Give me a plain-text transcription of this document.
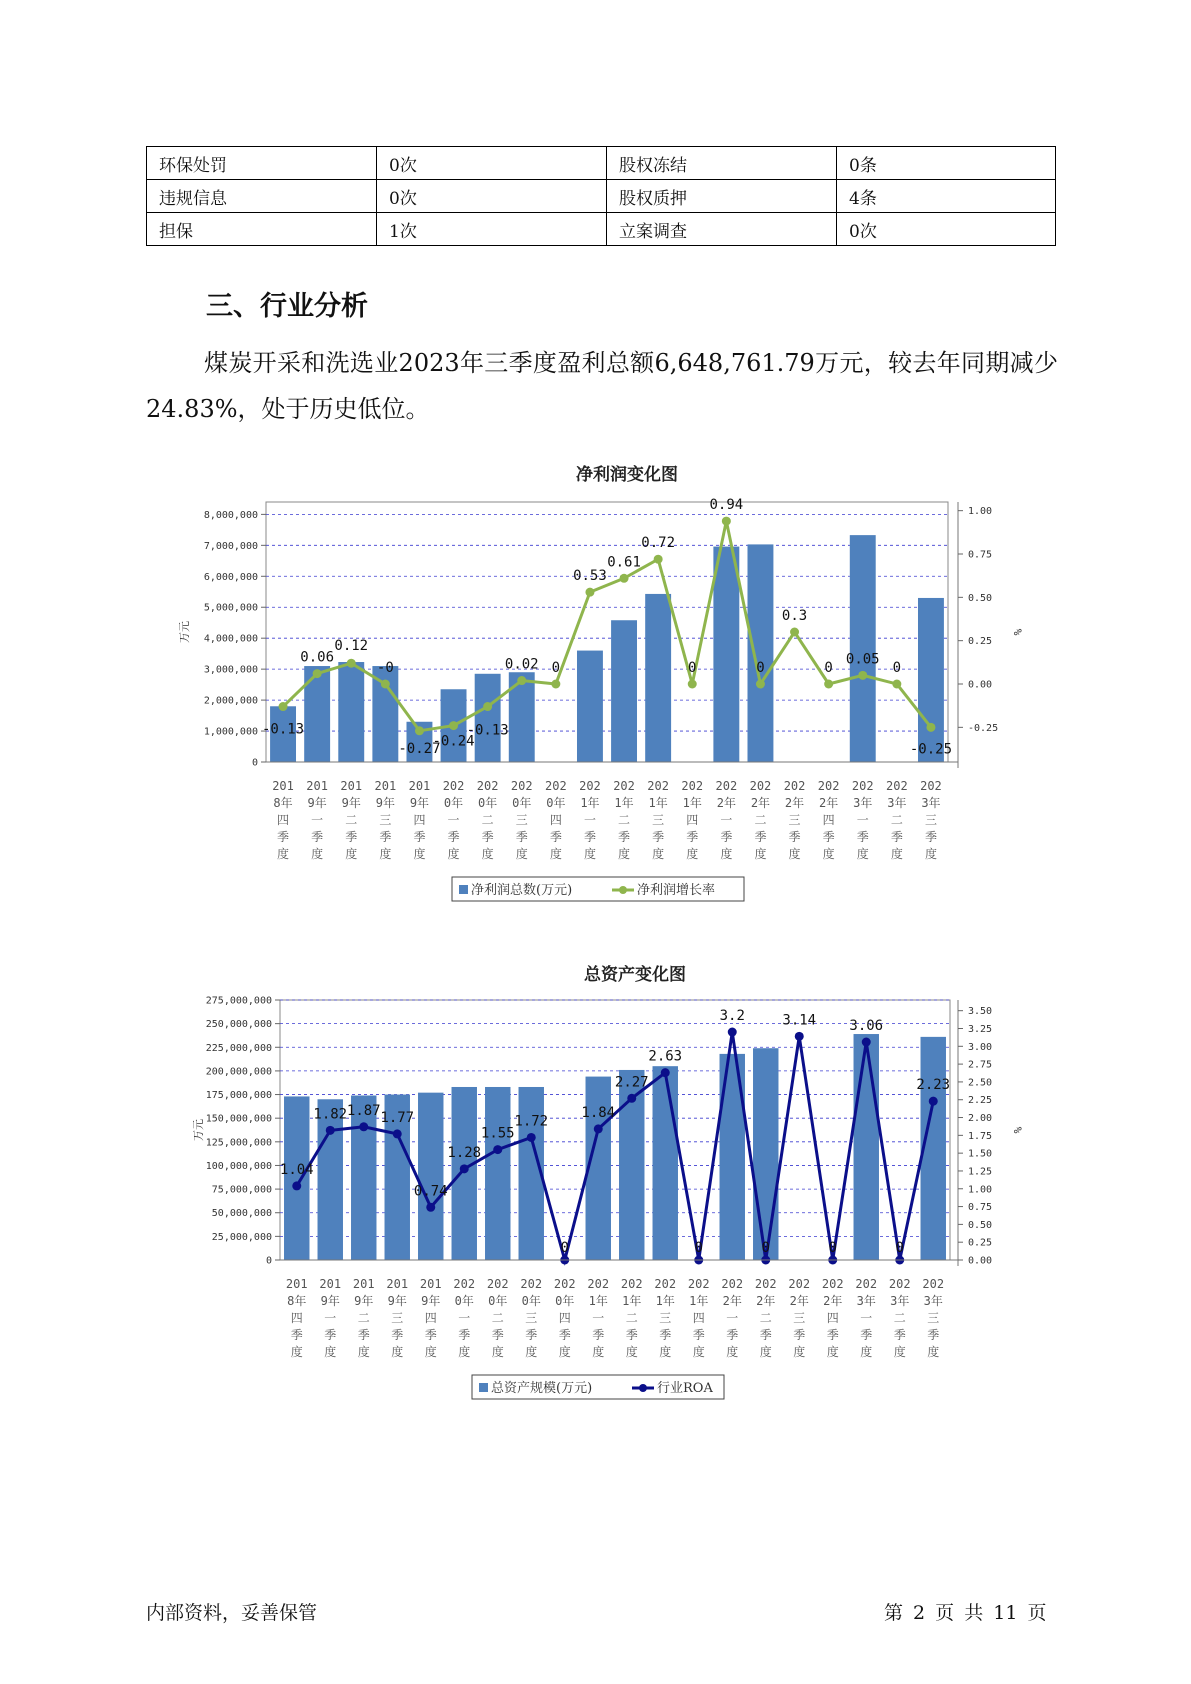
环保处罚	0次	股权冻结	0条
违规信息	0次	股权质押	4条
担保	1次	立案调查	0次
三、行业分析

煤炭开采和洗选业2023年三季度盈利总额6,648,761.79万元，较去年同期减少24.83%，处于历史低位。

净利润变化图
0
1,000,000
2,000,000
3,000,000
4,000,000
5,000,000
6,000,000
7,000,000
8,000,000
-0.25
0.00
0.25
0.50
0.75
1.00
万元	%
-0.13
0.06
0.12
-0
-0.27
-0.24
-0.13
0.02 0
0.53
0.61
0.72
0
0.94
0
0.3
0
0.05
0
-0.25
201
8年
四
季
度
201
9年
一
季
度
201
9年
二
季
度
201
9年
三
季
度
201
9年
四
季
度
202
0年
一
季
度
202
0年
二
季
度
202
0年
三
季
度
202
0年
四
季
度
202
1年
一
季
度
202
1年
二
季
度
202
1年
三
季
度
202
1年
四
季
度
202
2年
一
季
度
202
2年
二
季
度
202
2年
三
季
度
202
2年
四
季
度
202
3年
一
季
度
202
3年
二
季
度
202
3年
三
季
度
净利润总数(万元)	净利润增长率
总资产变化图
0
25,000,000
50,000,000
75,000,000
100,000,000
125,000,000
150,000,000
175,000,000
200,000,000
225,000,000
250,000,000
275,000,000
0.00
0.25
0.50
0.75
1.00
1.25
1.50
1.75
2.00
2.25
2.50
2.75
3.00
3.25
3.50
万元	%
1.04
1.82 1.87 1.77
0.74
1.28
1.55
1.72
0
1.84
2.27
2.63
0
3.2
0
3.14
0
3.06
0
2.23
201
8年
四
季
度
201
9年
一
季
度
201
9年
二
季
度
201
9年
三
季
度
201
9年
四
季
度
202
0年
一
季
度
202
0年
二
季
度
202
0年
三
季
度
202
0年
四
季
度
202
1年
一
季
度
202
1年
二
季
度
202
1年
三
季
度
202
1年
四
季
度
202
2年
一
季
度
202
2年
二
季
度
202
2年
三
季
度
202
2年
四
季
度
202
3年
一
季
度
202
3年
二
季
度
202
3年
三
季
度
总资产规模(万元)	行业ROA
内部资料，妥善保管	第 2 页 共 11 页
